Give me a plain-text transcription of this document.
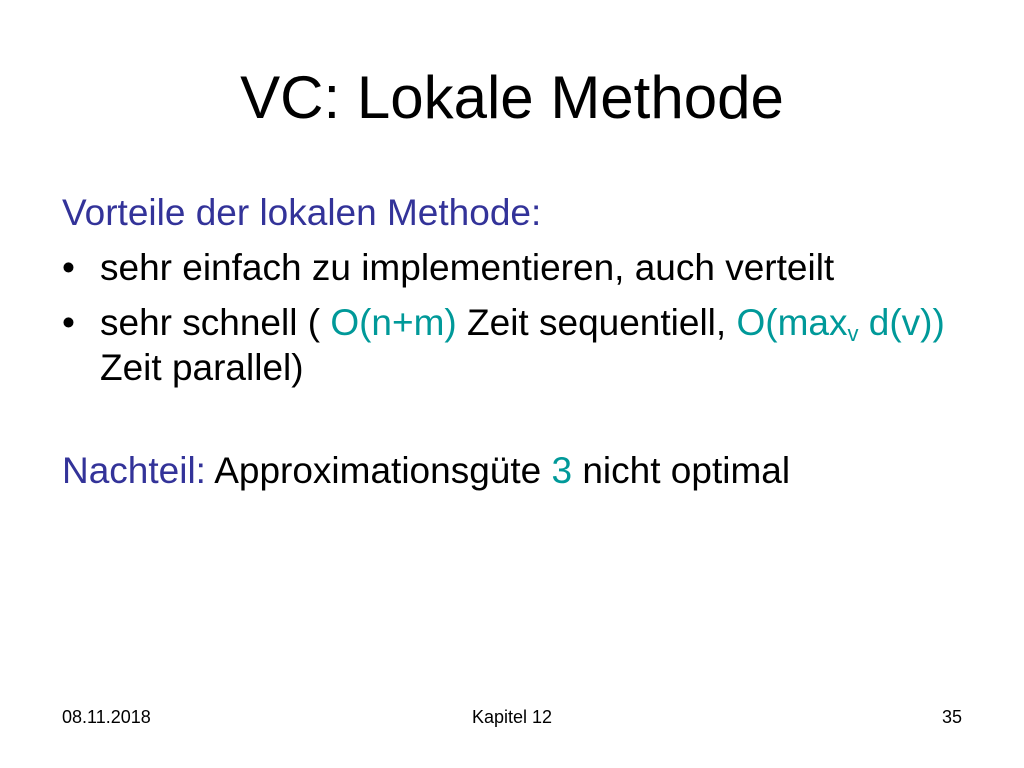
VC: Lokale Methode
Vorteile der lokalen Methode:
• sehr einfach zu implementieren, auch verteilt
• sehr schnell ( O(n+m) Zeit sequentiell, $O(\max_v$ d(v)) Zeit parallel)
Nachteil: Approximationsgüte 3 nicht optimal
08.11.2018	Kapitel 12	35
